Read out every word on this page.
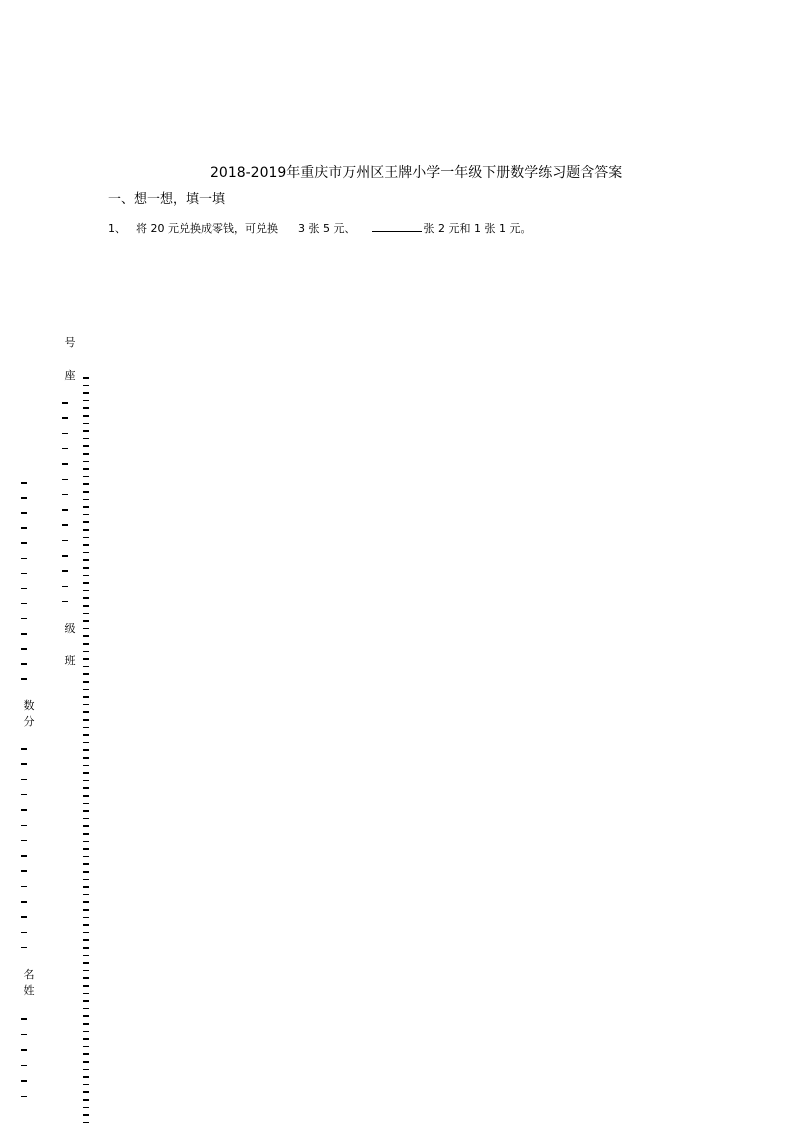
2018-2019年重庆市万州区王牌小学一年级下册数学练习题含答案
一、想一想，填一填
1、 将 20 元兑换成零钱，可兑换 3 张 5 元、	张 2 元和 1 张 1 元。
号
座
级
班
数
分
名
姓
